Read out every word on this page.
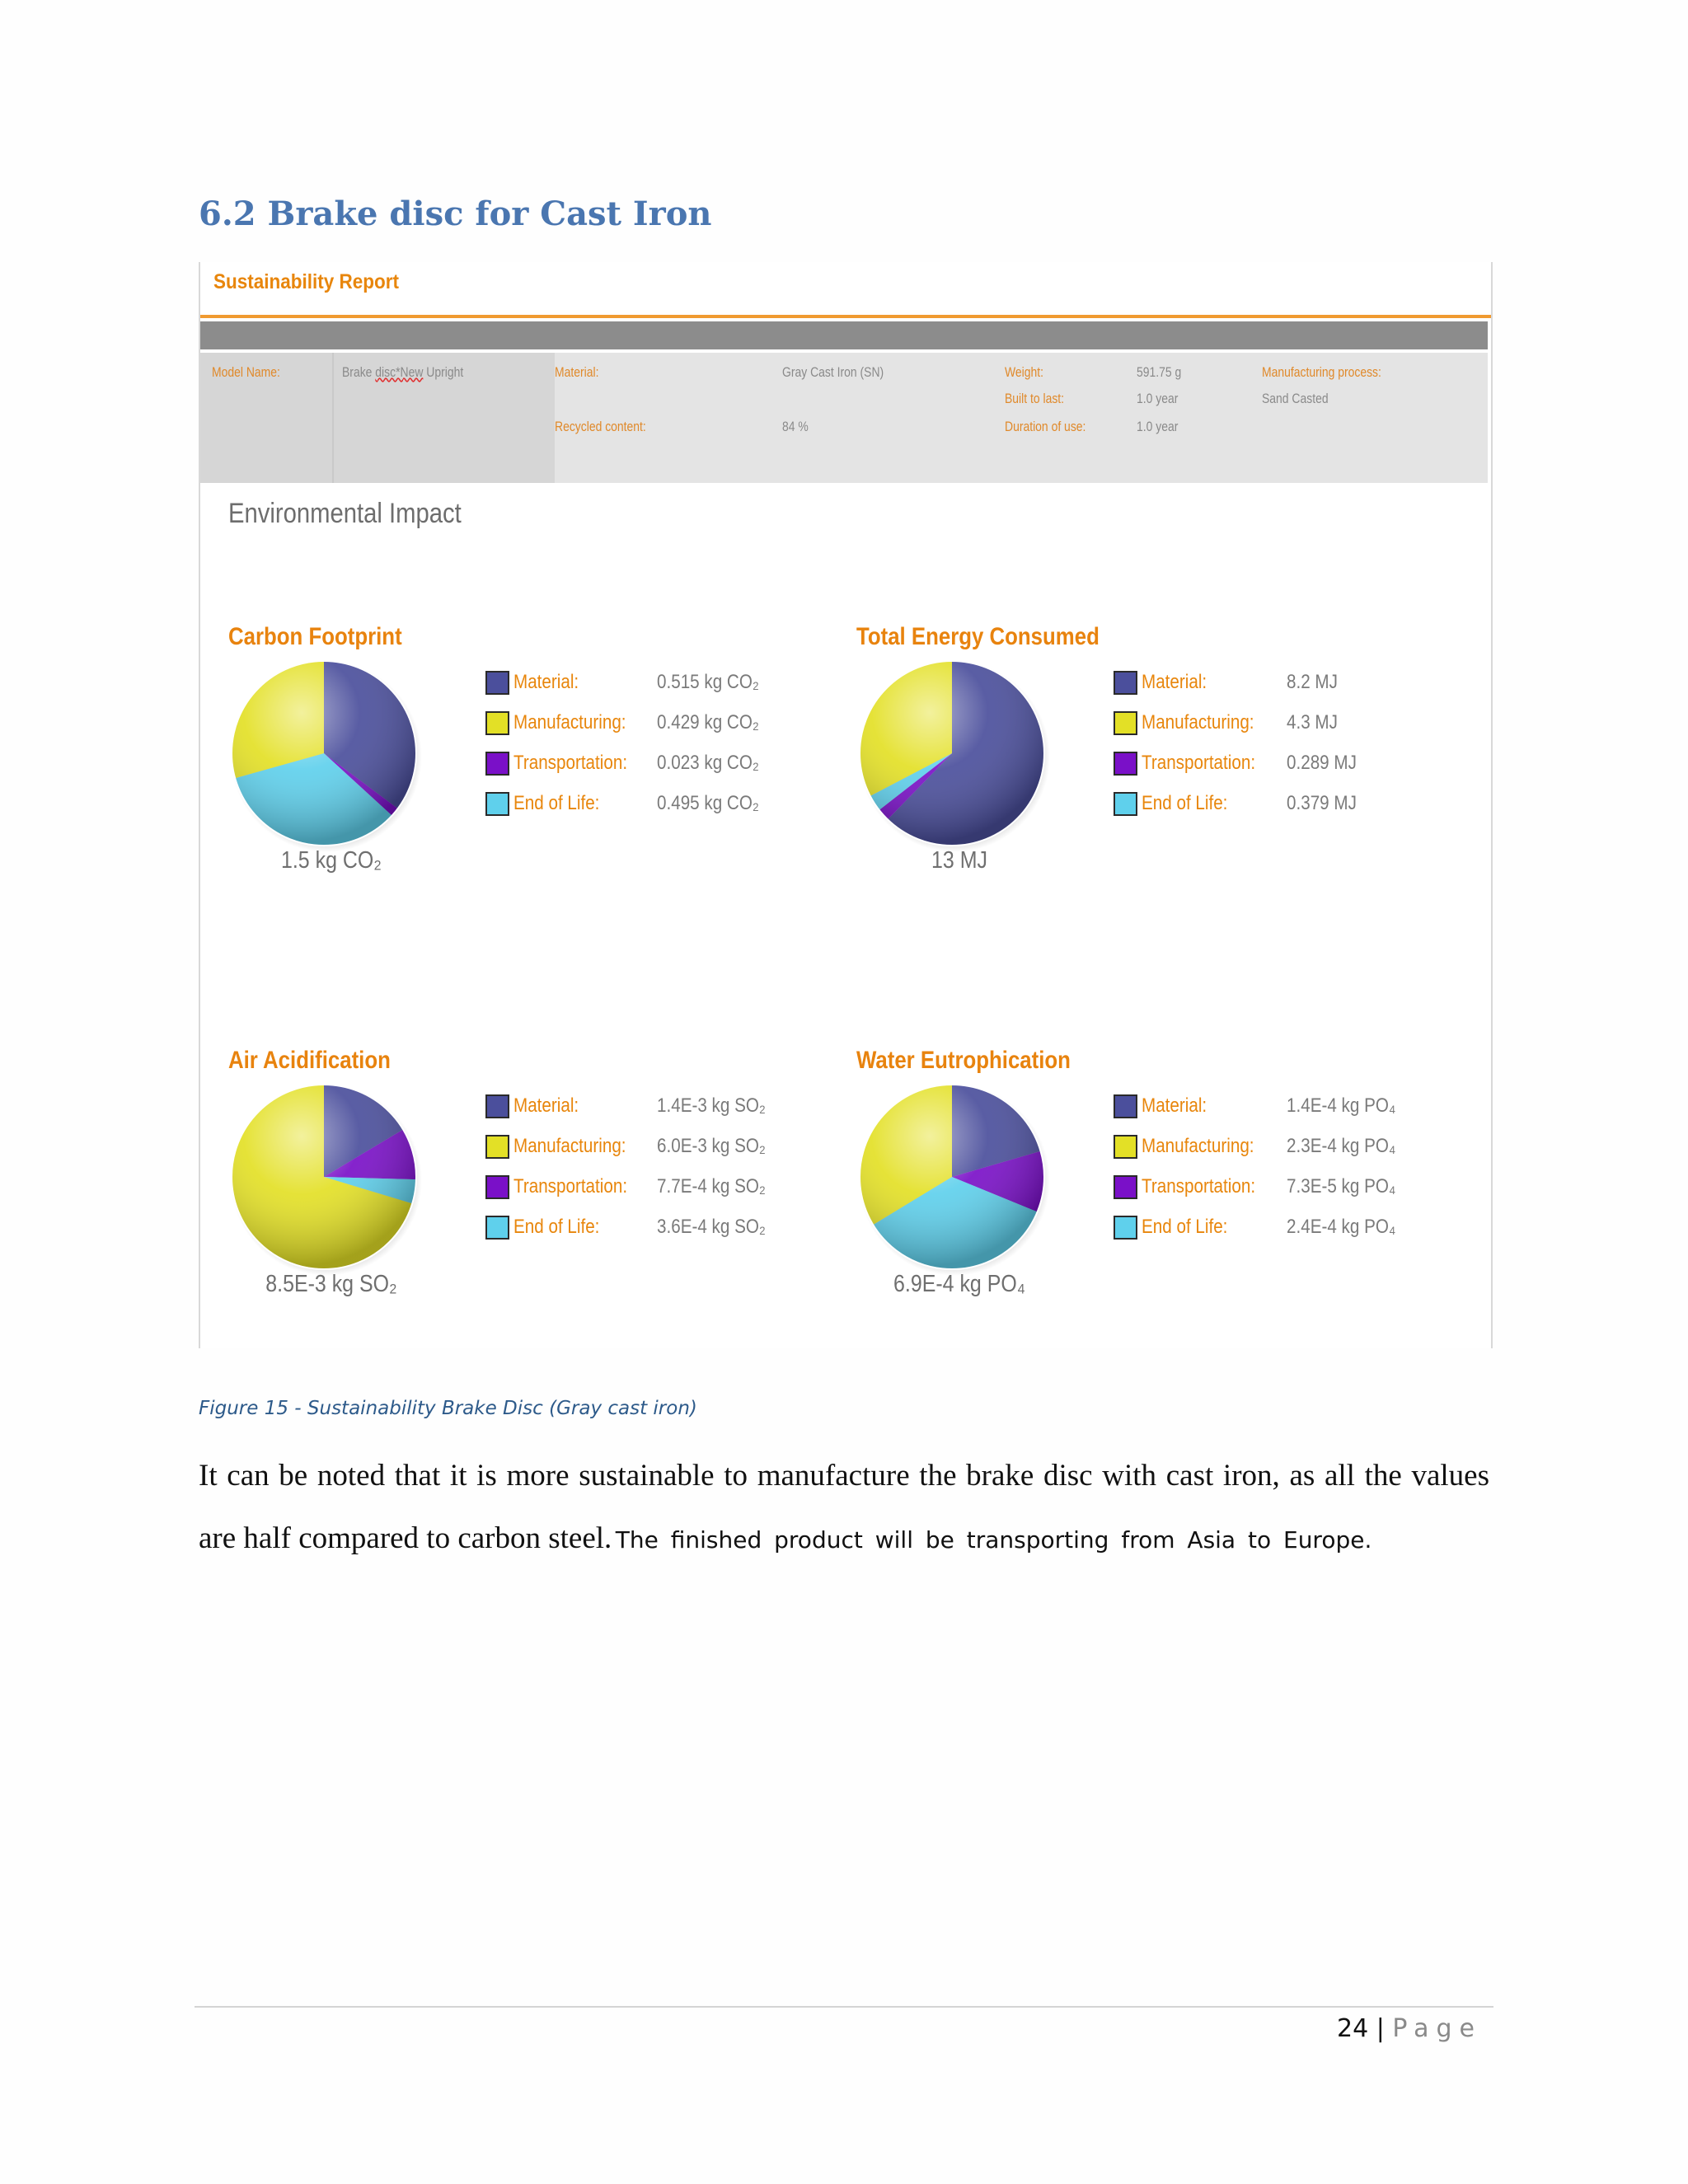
6.2 Brake disc for Cast Iron
Sustainability Report
Model Name:	Brake disc*New Upright	Material:	Gray Cast Iron (SN)
Recycled content:	84 %
Weight:	591.75 g
Built to last:	1.0 year
Duration of use:	1.0 year
Manufacturing process:
Sand Casted
Environmental Impact
Carbon Footprint
1.5 kg CO₂
Material:	0.515 kg CO₂
Manufacturing: 0.429 kg CO₂
Transportation: 0.023 kg CO₂
End of Life:	0.495 kg CO₂
Total Energy Consumed
13 MJ
Material:	8.2 MJ
Manufacturing: 4.3 MJ
Transportation: 0.289 MJ
End of Life:	0.379 MJ
Air Acidification
8.5E-3 kg SO₂
Material:	1.4E-3 kg SO₂
Manufacturing: 6.0E-3 kg SO₂
Transportation: 7.7E-4 kg SO₂
End of Life:	3.6E-4 kg SO₂
Water Eutrophication
6.9E-4 kg PO₄
Material:	1.4E-4 kg PO₄
Manufacturing: 2.3E-4 kg PO₄
Transportation: 7.3E-5 kg PO₄
End of Life:	2.4E-4 kg PO₄
Figure 15 - Sustainability Brake Disc (Gray cast iron)
It can be noted that it is more sustainable to manufacture the brake disc with cast iron, as all the values are half compared to carbon steel. The finished product will be transporting from Asia to Europe.
24 | Page
